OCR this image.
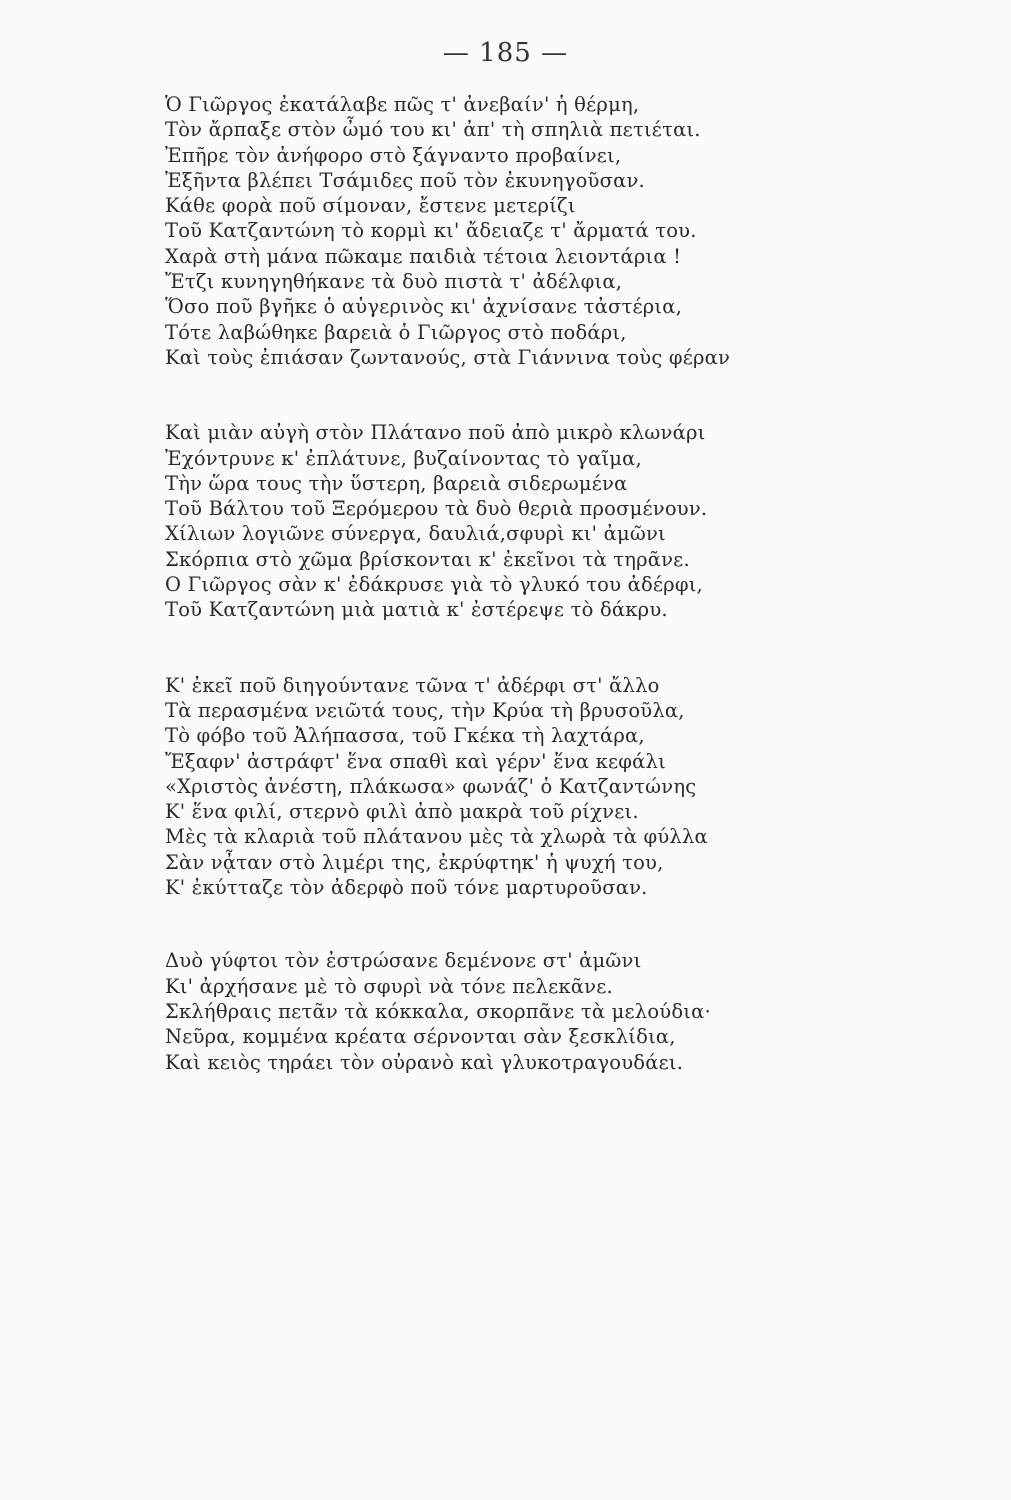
— 185 —
Ὁ Γιῶργος ἐκατάλαβε πῶς τ' ἀνεβαίν' ἡ θέρμη,
Τὸν ἄρπαξε στὸν ὦμό του κι' ἀπ' τὴ σπηλιὰ πετιέται.
Ἐπῆρε τὸν ἀνήφορο στὸ ξάγναντο προβαίνει,
Ἐξῆντα βλέπει Τσάμιδες ποῦ τὸν ἐκυνηγοῦσαν.
Κάθε φορὰ ποῦ σίμοναν, ἔστενε μετερίζι
Τοῦ Κατζαντώνη τὸ κορμὶ κι' ἄδειαζε τ' ἄρματά του.
Χαρὰ στὴ μάνα πῶκαμε παιδιὰ τέτοια λειοντάρια !
Ἔτζι κυνηγηθήκανε τὰ δυὸ πιστὰ τ' ἀδέλφια,
Ὅσο ποῦ βγῆκε ὁ αὐγερινὸς κι' ἀχνίσανε τἀστέρια,
Τότε λαβώθηκε βαρειὰ ὁ Γιῶργος στὸ ποδάρι,
Καὶ τοὺς ἐπιάσαν ζωντανούς, στὰ Γιάννινα τοὺς φέραν
Καὶ μιὰν αὐγὴ στὸν Πλάτανο ποῦ ἀπὸ μικρὸ κλωνάρι
Ἐχόντρυνε κ' ἐπλάτυνε, βυζαίνοντας τὸ γαῖμα,
Τὴν ὥρα τους τὴν ὕστερη, βαρειὰ σιδερωμένα
Τοῦ Βάλτου τοῦ Ξερόμερου τὰ δυὸ θεριὰ προσμένουν.
Χίλιων λογιῶνε σύνεργα, δαυλιά,σφυρὶ κι' ἀμῶνι
Σκόρπια στὸ χῶμα βρίσκονται κ' ἐκεῖνοι τὰ τηρᾶνε.
Ο Γιῶργος σὰν κ' ἐδάκρυσε γιὰ τὸ γλυκό του ἀδέρφι,
Τοῦ Κατζαντώνη μιὰ ματιὰ κ' ἐστέρεψε τὸ δάκρυ.
Κ' ἐκεῖ ποῦ διηγούντανε τῶνα τ' ἀδέρφι στ' ἄλλο
Τὰ περασμένα νειῶτά τους, τὴν Κρύα τὴ βρυσοῦλα,
Τὸ φόβο τοῦ Ἀλήπασσα, τοῦ Γκέκα τὴ λαχτάρα,
Ἔξαφν' ἀστράφτ' ἕνα σπαθὶ καὶ γέρν' ἕνα κεφάλι
«Χριστὸς ἀνέστη, πλάκωσα» φωνάζ' ὁ Κατζαντώνης
Κ' ἕνα φιλί, στερνὸ φιλὶ ἀπὸ μακρὰ τοῦ ρίχνει.
Μὲς τὰ κλαριὰ τοῦ πλάτανου μὲς τὰ χλωρὰ τὰ φύλλα
Σὰν νᾆταν στὸ λιμέρι της, ἐκρύφτηκ' ἡ ψυχή του,
Κ' ἐκύτταζε τὸν ἀδερφὸ ποῦ τόνε μαρτυροῦσαν.
Δυὸ γύφτοι τὸν ἐστρώσανε δεμένονε στ' ἀμῶνι
Κι' ἀρχήσανε μὲ τὸ σφυρὶ νὰ τόνε πελεκᾶνε.
Σκλήθραις πετᾶν τὰ κόκκαλα, σκορπᾶνε τὰ μελούδια·
Νεῦρα, κομμένα κρέατα σέρνονται σὰν ξεσκλίδια,
Καὶ κειὸς τηράει τὸν οὐρανὸ καὶ γλυκοτραγουδάει.
